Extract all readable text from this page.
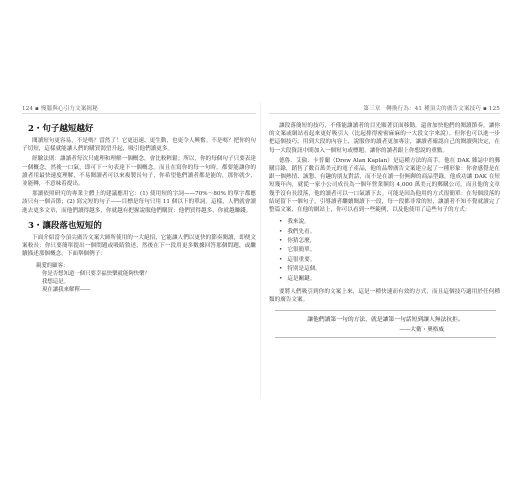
124 ▪ 慢腦與心引力文案揭秘
2・句子越短越好

閱讀短句更容易，不是嗎？當然了！它更迅速、更生動，也更令人興奮。不是嗎？把你的句子切短，這樣就能讓人們的購買渴望升起，吸引他們讀更多。

經驗法則：讓讀者每次只處理和理解一個概念，會比較輕鬆；所以，你的每個句子只要表達一個概念，然後一口氣，即可下一句表達下一個概念。而且在寫你的每一句時，都要能讓你的讀者用最快速度理解，不易閱讀者可以來複製長句子，你希望他們讀者都是能的，那你就少，並能轉，不意味着提出。

那讀依照研究的專業主體上的建議應用它：(1) 使用短的字詞——70%～80% 的單字都應該只有一個音節；(2) 寫完短的句子——目標是每句只用 11 個以下的單詞。這樣，人們就會讀進去更多文章，而他們讀得越多，你就越有把握說服他們購買：他們買得越多，你就越賺錢。

3・讓段落也短短的

下面介紹當今頂尖廣告文案大師所使用的一大絕招，它能讓人們以更快的節奏閱讀，即便文案較長：你只要簡單提出一個問題或吸睛敘述，然後在下一段用更多數據回答那個問題，或繼續描述那個概念，下面舉個例子：

親愛的顧客：
你是否想知道一個只要幸福快樂就能夠快樂？
我想這是。
現在讓我來解釋——
第三章　轉換行為：41 種頂尖的廣告文案技巧 ▪ 125

讓段落簡短的技巧，不僅能讓讀者的目光順著頁面移動，還會加快他們的閱讀節奏，讓你的文案或網站看起來更好吸引人（比起排得密密麻麻的一大段文字來說）。但你也可以進一步把這個技巧，用到大段的內容上，說服你的讀者更加專注，讓讀者確認自己的閱讀與決定，在每一大段資訊中間加入一個短句或標題，讓你的讀者跟上你想說的重點。

德魯．艾倫．卡普蘭（Drew Alan Kaplan）是這種方法的高手。他在 DAK 雜誌中的郵購目錄，銷售了數百萬美元的電子產品，他的品牌廣告文案建立起了一種形象：你會感覺是在跟一個熱情、誠懇、有趣的朋友對話，而不是在讀一份無聊的商品型錄。他成功讓 DAK 在短短幾年內，就從一家小公司成長為一個年營業額約 4,000 萬美元的郵購公司，而且他的文章幾乎沒有長段落，他的讀者可以一口氣讀下去。可能是因為他用的方式很簡單：在每個段落的結尾留下一個句子，引導讀者繼續閱讀下一段，每一段都非常的短，讓讀者不知不覺就讀完了整篇文案，在他的網站上，你可以看到一些範例，以及他使用了這些句子的方式：

• 我來說。
• 我們先看。
• 你猜怎麼，
• 它很簡單。
• 這很重要。
• 特別是這個。
• 這是關鍵。

要將人們吸引到你的文案上來，這是一種快速而有效的方式，而且這個技巧適用於任何種類的廣告文案。

讓他們讀第一句的方法，就是讓第一句話短到讓人無法抗拒。
——大衛・奧格威
